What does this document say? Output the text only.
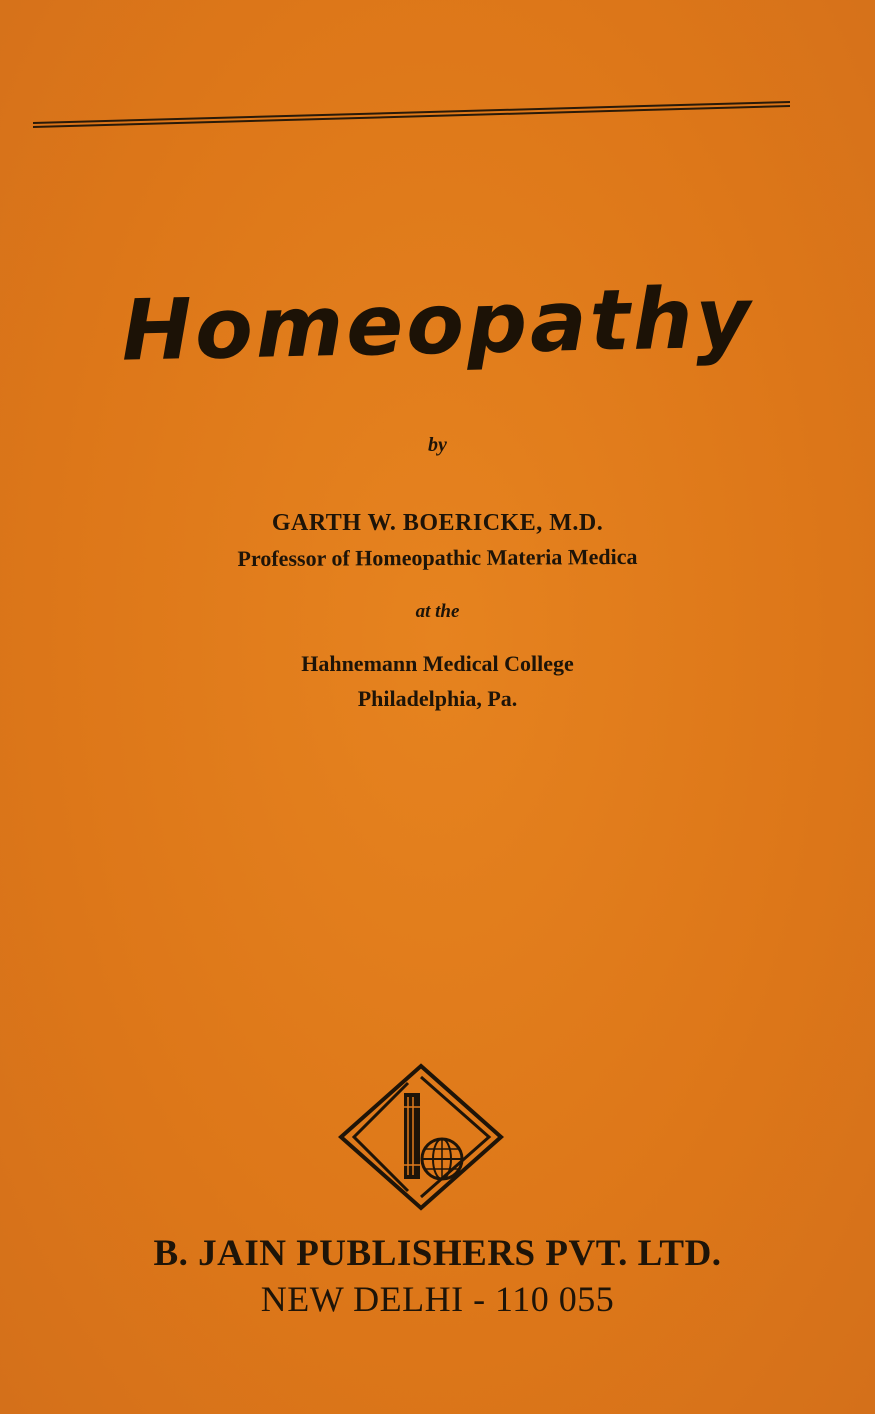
Homeopathy
by
GARTH W. BOERICKE, M.D.
Professor of Homeopathic Materia Medica
at the
Hahnemann Medical College
Philadelphia, Pa.
B. JAIN PUBLISHERS PVT. LTD.
NEW DELHI - 110 055
